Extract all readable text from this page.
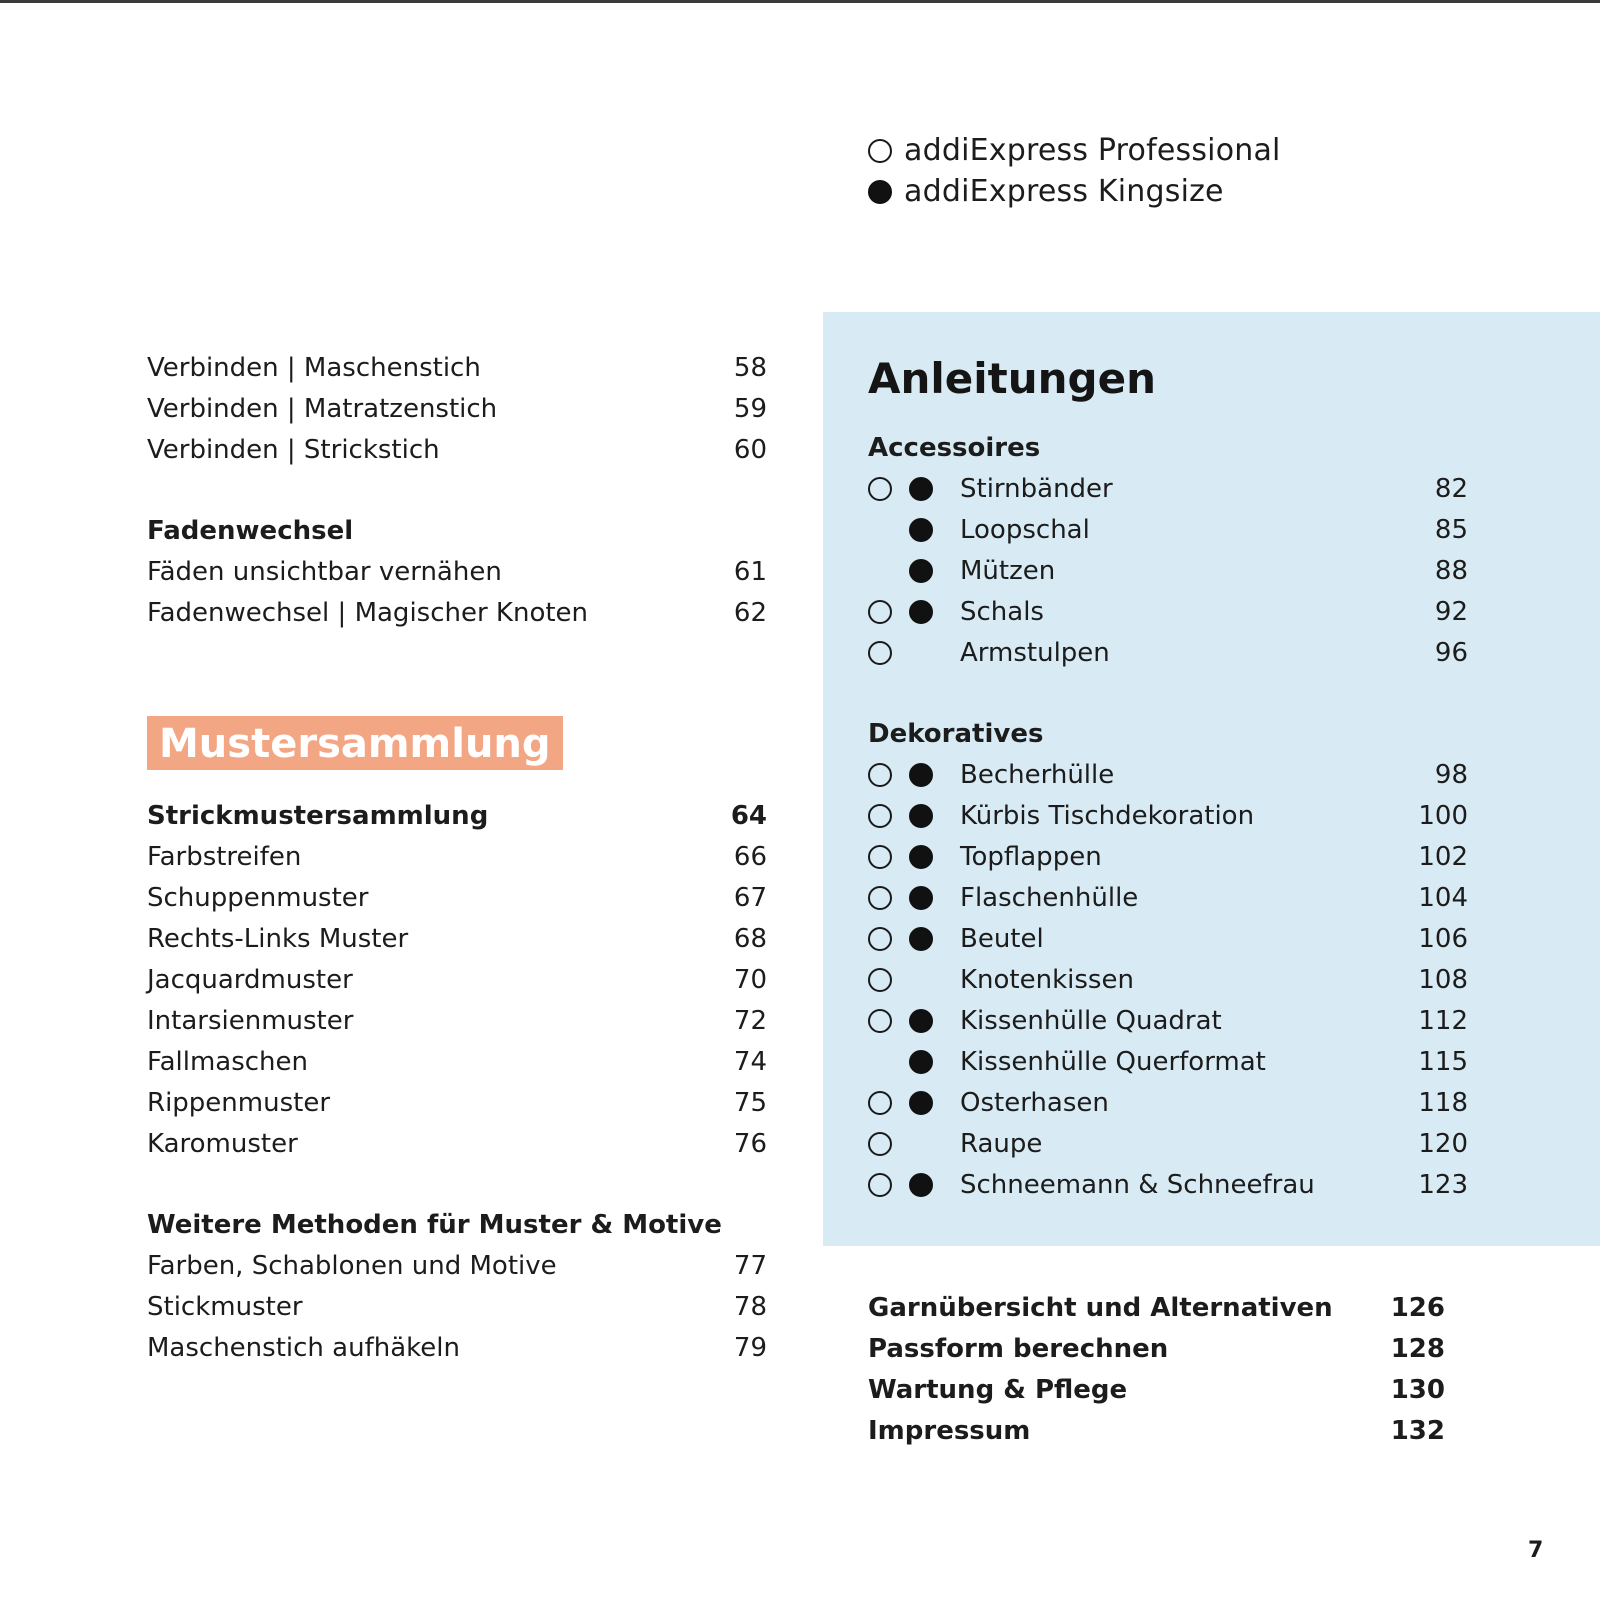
addiExpress Professional
addiExpress Kingsize
Verbinden | Maschenstich	58
Verbinden | Matratzenstich	59
Verbinden | Strickstich	60
Fadenwechsel
Fäden unsichtbar vernähen	61
Fadenwechsel | Magischer Knoten	62
Mustersammlung
Strickmustersammlung	64
Farbstreifen	66
Schuppenmuster	67
Rechts-Links Muster	68
Jacquardmuster	70
Intarsienmuster	72
Fallmaschen	74
Rippenmuster	75
Karomuster	76
Weitere Methoden für Muster & Motive
Farben, Schablonen und Motive	77
Stickmuster	78
Maschenstich aufhäkeln	79
Anleitungen
Accessoires
Stirnbänder	82
Loopschal	85
Mützen	88
Schals	92
Armstulpen	96
Dekoratives
Becherhülle	98
Kürbis Tischdekoration	100
Topflappen	102
Flaschenhülle	104
Beutel	106
Knotenkissen	108
Kissenhülle Quadrat	112
Kissenhülle Querformat	115
Osterhasen	118
Raupe	120
Schneemann & Schneefrau	123
Garnübersicht und Alternativen 126
Passform berechnen	128
Wartung & Pflege	130
Impressum	132
7
